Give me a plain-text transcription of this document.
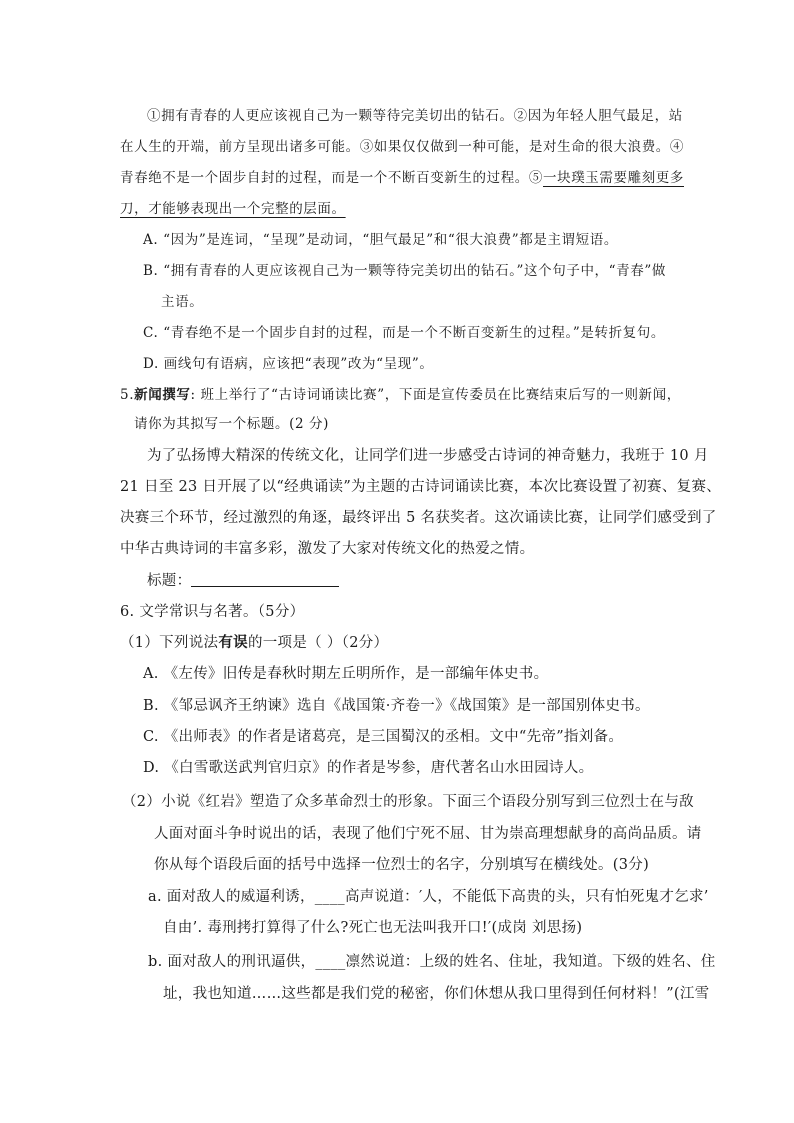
①拥有青春的人更应该视自己为一颗等待完美切出的钻石。②因为年轻人胆气最足，站
在人生的开端，前方呈现出诸多可能。③如果仅仅做到一种可能，是对生命的很大浪费。④
青春绝不是一个固步自封的过程，而是一个不断百变新生的过程。⑤一块璞玉需要雕刻更多
刀，才能够表现出一个完整的层面。
A. “因为”是连词，“呈现”是动词，“胆气最足”和“很大浪费”都是主谓短语。
B. “拥有青春的人更应该视自己为一颗等待完美切出的钻石。”这个句子中，“青春”做
主语。
C. “青春绝不是一个固步自封的过程，而是一个不断百变新生的过程。”是转折复句。
D. 画线句有语病，应该把“表现”改为“呈现”。
5.新闻撰写: 班上举行了“古诗词诵读比赛”，下面是宣传委员在比赛结束后写的一则新闻，
请你为其拟写一个标题。(2 分)
为了弘扬博大精深的传统文化，让同学们进一步感受古诗词的神奇魅力，我班于 10 月
21 日至 23 日开展了以“经典诵读”为主题的古诗词诵读比赛，本次比赛设置了初赛、复赛、
决赛三个环节，经过激烈的角逐，最终评出 5 名获奖者。这次诵读比赛，让同学们感受到了
中华古典诗词的丰富多彩，激发了大家对传统文化的热爱之情。
标题：
6. 文学常识与名著。（5分）
（1）下列说法有误的一项是（ ）（2分）
A. 《左传》旧传是春秋时期左丘明所作，是一部编年体史书。
B. 《邹忌讽齐王纳谏》选自《战国策·齐卷一》《战国策》是一部国别体史书。
C. 《出师表》的作者是诸葛亮，是三国蜀汉的丞相。文中“先帝”指刘备。
D. 《白雪歌送武判官归京》的作者是岑参，唐代著名山水田园诗人。
（2）小说《红岩》塑造了众多革命烈士的形象。下面三个语段分别写到三位烈士在与敌
人面对面斗争时说出的话，表现了他们宁死不屈、甘为崇高理想献身的高尚品质。请
你从每个语段后面的括号中选择一位烈士的名字，分别填写在横线处。(3分)
a. 面对敌人的威逼利诱，____高声说道：′人，不能低下高贵的头，只有怕死鬼才乞求’
自由’. 毒刑拷打算得了什么?死亡也无法叫我开口!′(成岗 刘思扬)
b. 面对敌人的刑讯逼供，____凛然说道：上级的姓名、住址，我知道。下级的姓名、住
址，我也知道……这些都是我们党的秘密，你们休想从我口里得到任何材料！”(江雪
